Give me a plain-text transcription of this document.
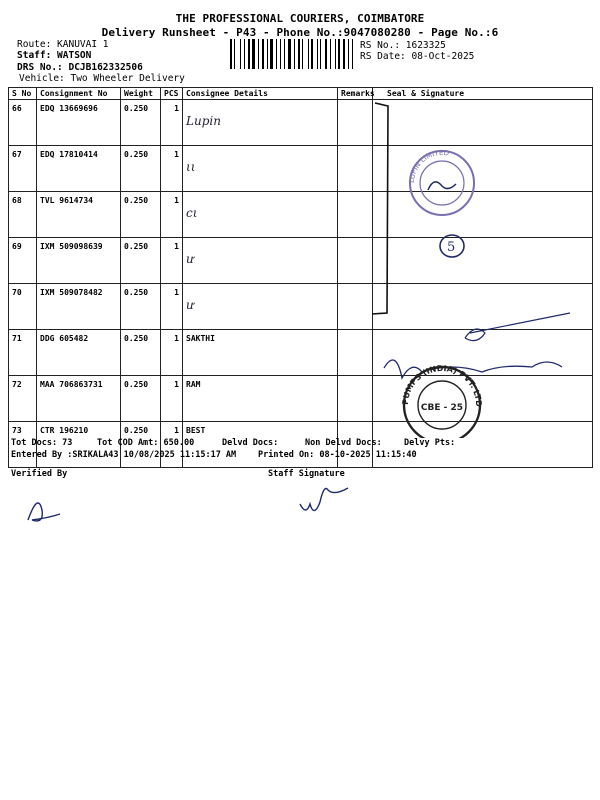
THE PROFESSIONAL COURIERS, COIMBATORE
Delivery Runsheet - P43 - Phone No.:9047080280 - Page No.:6
Route: KANUVAI 1
Staff: WATSON
DRS No.: DCJB162332506
Vehicle: Two Wheeler Delivery
RS No.: 1623325
RS Date: 08-Oct-2025
S No	Consignment No	Weight	PCS	Consignee Details	Remarks	Seal & Signature
66	EDQ 13669696	0.250	1	Lupin		
67	EDQ 17810414	0.250	1	ιι		
68	TVL 9614734	0.250	1	ϲι		
69	IXM 509098639	0.250	1	ư		
70	IXM 509078482	0.250	1	ư		
71	DDG 605482	0.250	1	SAKTHI		
72	MAA 706863731	0.250	1	RAM		
73	CTR 196210	0.250	1	BEST		
LUPIN LIMITED
5
PUMPS (INDIA) PVT. LTD
CBE - 25
Tot Docs: 73	Tot COD Amt: 650.00	Delvd Docs:	Non Delvd Docs:	Delvy Pts:
Entered By :SRIKALA43 10/08/2025 11:15:17 AM	Printed On: 08-10-2025 11:15:40
Verified By	Staff Signature
